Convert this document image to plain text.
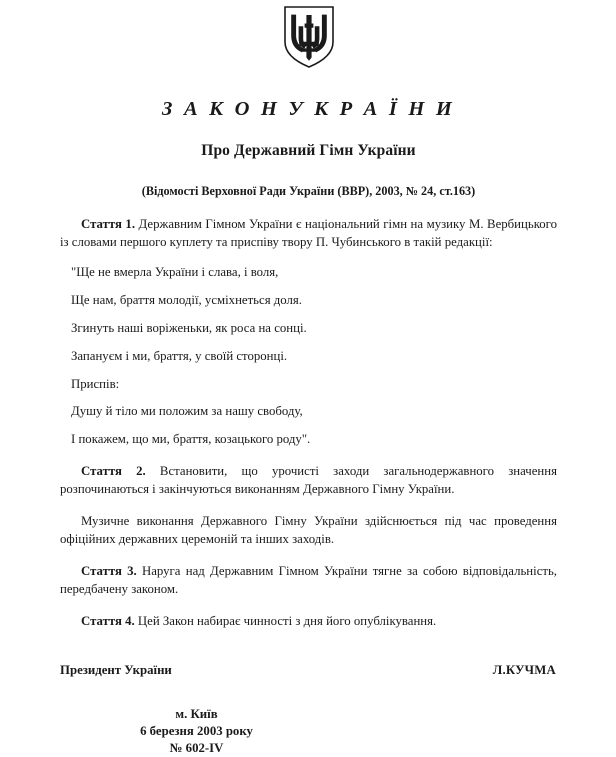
З А К О Н У К Р А Ї Н И
Про Державний Гімн України
(Відомості Верховної Ради України (ВВР), 2003, № 24, ст.163)

Стаття 1. Державним Гімном України є національний гімн на музику М. Вербицького із словами першого куплету та приспіву твору П. Чубинського в такій редакції:

"Ще не вмерла України і слава, і воля,

Ще нам, браття молодії, усміхнеться доля.

Згинуть наші воріженьки, як роса на сонці.

Запануєм і ми, браття, у своїй сторонці.

Приспів:

Душу й тіло ми положим за нашу свободу,

І покажем, що ми, браття, козацького роду".

Стаття 2. Встановити, що урочисті заходи загальнодержавного значення розпочинаються і закінчуються виконанням Державного Гімну України.

Музичне виконання Державного Гімну України здійснюється під час проведення офіційних державних церемоній та інших заходів.

Стаття 3. Наруга над Державним Гімном України тягне за собою відповідальність, передбачену законом.

Стаття 4. Цей Закон набирає чинності з дня його опублікування.

Президент України	Л.КУЧМА
м. Київ
6 березня 2003 року
№ 602-IV
